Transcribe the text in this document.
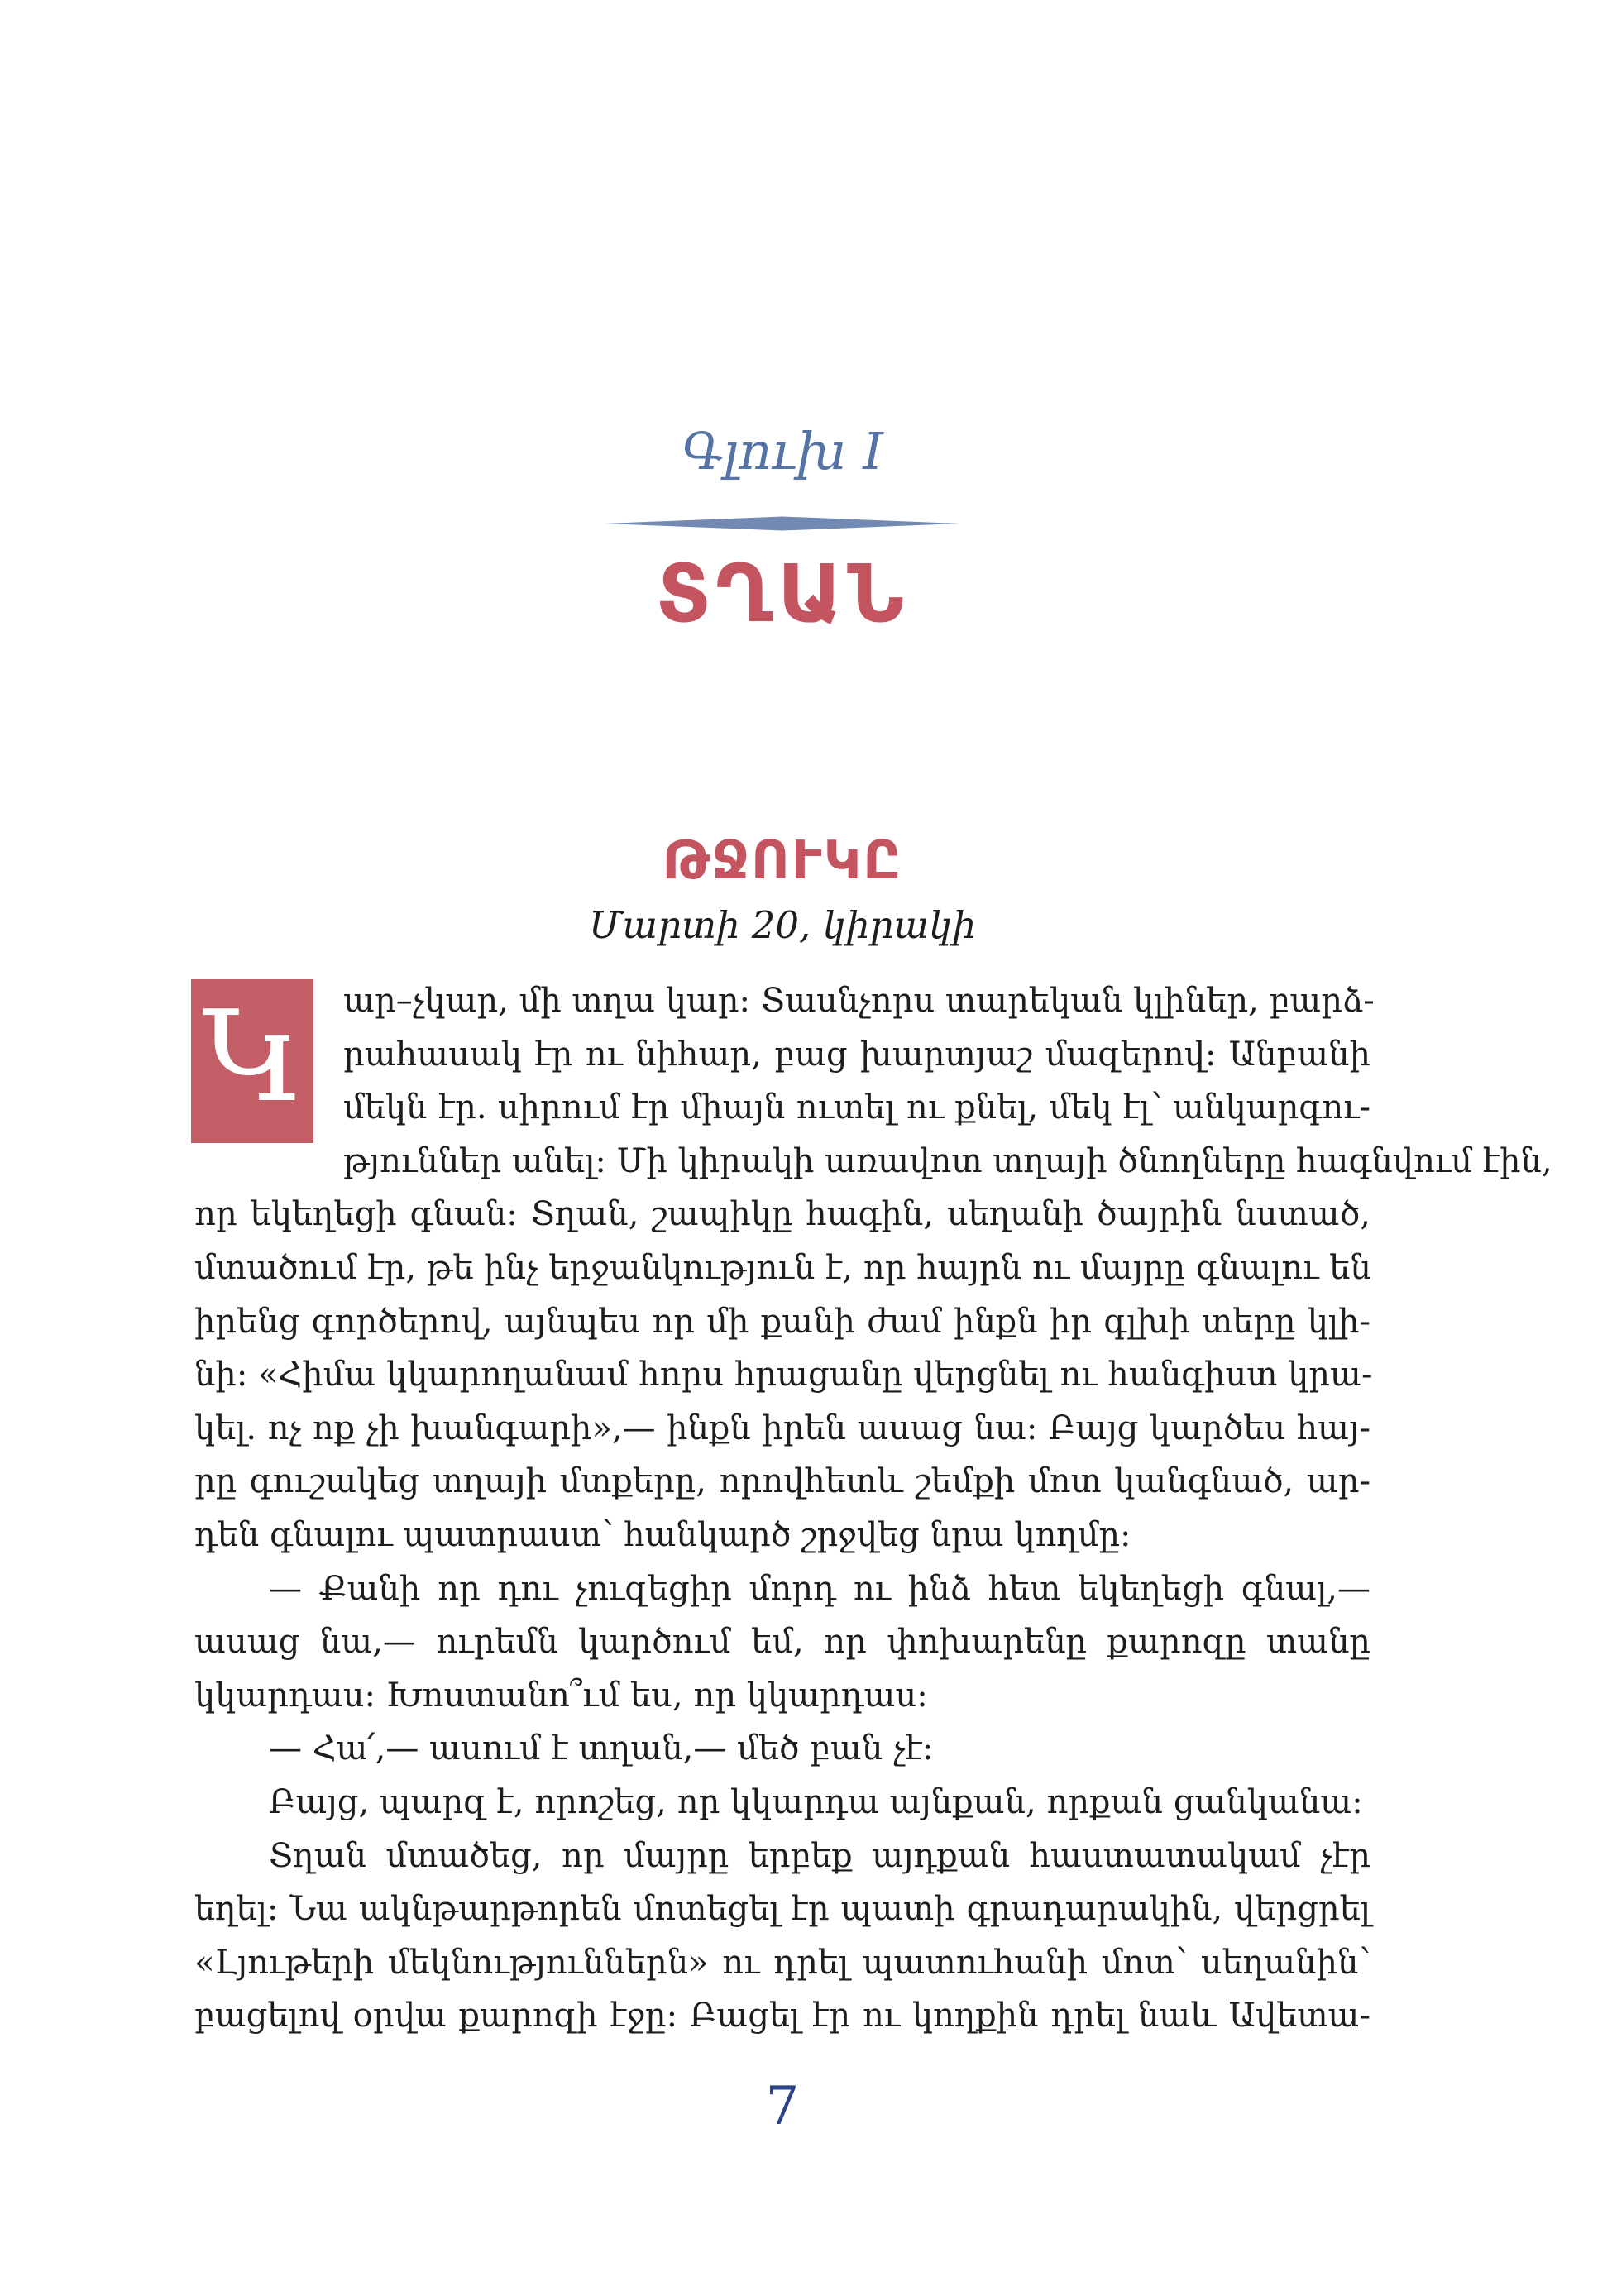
Գլուխ I
ՏՂԱՆ
ԹՋՈՒԿԸ
Մարտի 20, կիրակի
Կ	ար–չկար, մի տղա կար: Տասնչորս տարեկան կլիներ, բարձ-
րահասակ էր ու նիհար, բաց խարտյաշ մազերով: Անբանի
մեկն էր. սիրում էր միայն ուտել ու քնել, մեկ էլ՝ անկարգու-
թյուններ անել: Մի կիրակի առավոտ տղայի ծնողները հագնվում էին,
որ եկեղեցի գնան: Տղան, շապիկը հագին, սեղանի ծայրին նստած,
մտածում էր, թե ինչ երջանկություն է, որ հայրն ու մայրը գնալու են
իրենց գործերով, այնպես որ մի քանի ժամ ինքն իր գլխի տերը կլի-
նի: «Հիմա կկարողանամ հորս հրացանը վերցնել ու հանգիստ կրա-
կել. ոչ ոք չի խանգարի»,— ինքն իրեն ասաց նա: Բայց կարծես հայ-
րը գուշակեց տղայի մտքերը, որովհետև շեմքի մոտ կանգնած, ար-
դեն գնալու պատրաստ՝ հանկարծ շրջվեց նրա կողմը:
— Քանի որ դու չուզեցիր մորդ ու ինձ հետ եկեղեցի գնալ,—
ասաց նա,— ուրեմն կարծում եմ, որ փոխարենը քարոզը տանը
կկարդաս: Խոստանո՞ւմ ես, որ կկարդաս:
— Հա՛,— ասում է տղան,— մեծ բան չէ:
Բայց, պարզ է, որոշեց, որ կկարդա այնքան, որքան ցանկանա:
Տղան մտածեց, որ մայրը երբեք այդքան հաստատակամ չէր
եղել: Նա ակնթարթորեն մոտեցել էր պատի գրադարակին, վերցրել
«Լյութերի մեկնություններն» ու դրել պատուհանի մոտ՝ սեղանին՝
բացելով օրվա քարոզի էջը: Բացել էր ու կողքին դրել նաև Ավետա-
7
